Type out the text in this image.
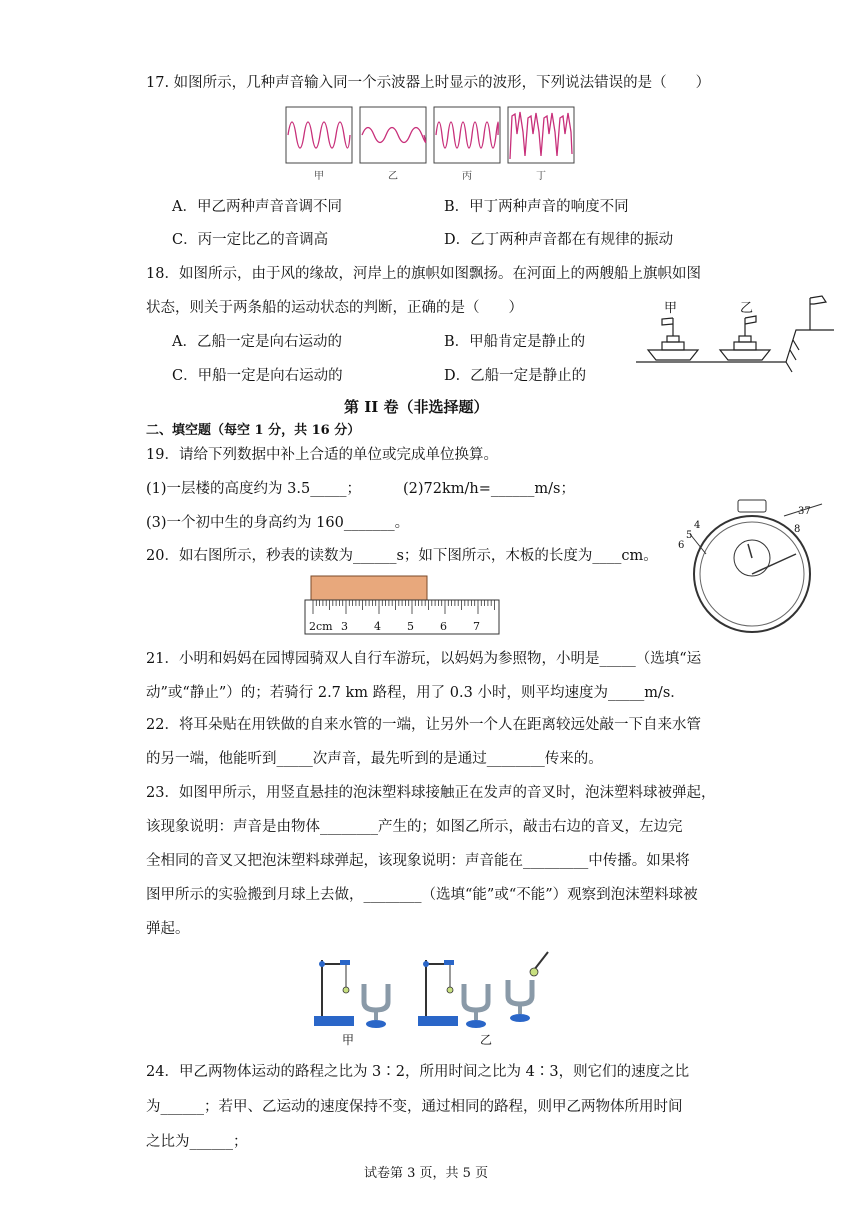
17. 如图所示，几种声音输入同一个示波器上时显示的波形，下列说法错误的是（　　）
甲	乙	丙	丁
A．甲乙两种声音音调不同	B．甲丁两种声音的响度不同
C．丙一定比乙的音调高	D．乙丁两种声音都在有规律的振动
18．如图所示，由于风的缘故，河岸上的旗帜如图飘扬。在河面上的两艘船上旗帜如图
状态，则关于两条船的运动状态的判断，正确的是（　　）
A．乙船一定是向右运动的	B．甲船肯定是静止的
C．甲船一定是向右运动的	D．乙船一定是静止的
甲	乙
第 II 卷（非选择题）
二、填空题（每空 1 分，共 16 分）
19．请给下列数据中补上合适的单位或完成单位换算。
(1)一层楼的高度约为 3.5_____；	(2)72km/h=______m/s；
(3)一个初中生的身高约为 160_______。
20．如右图所示，秒表的读数为______s；如下图所示，木板的长度为____cm。
2cm 3 4 5 6 7
4
5
6
37
8
21．小明和妈妈在园博园骑双人自行车游玩，以妈妈为参照物，小明是_____（选填“运
动”或“静止”）的；若骑行 2.7 km 路程，用了 0.3 小时，则平均速度为_____m/s．
22．将耳朵贴在用铁做的自来水管的一端，让另外一个人在距离较远处敲一下自来水管
的另一端，他能听到_____次声音，最先听到的是通过________传来的。
23．如图甲所示，用竖直悬挂的泡沫塑料球接触正在发声的音叉时，泡沫塑料球被弹起，
该现象说明：声音是由物体________产生的；如图乙所示，敲击右边的音叉，左边完
全相同的音叉又把泡沫塑料球弹起，该现象说明：声音能在_________中传播。如果将
图甲所示的实验搬到月球上去做，________（选填“能”或“不能”）观察到泡沫塑料球被
弹起。
甲	乙
24．甲乙两物体运动的路程之比为 3∶2，所用时间之比为 4∶3，则它们的速度之比
为______；若甲、乙运动的速度保持不变，通过相同的路程，则甲乙两物体所用时间
之比为______；
试卷第 3 页，共 5 页
